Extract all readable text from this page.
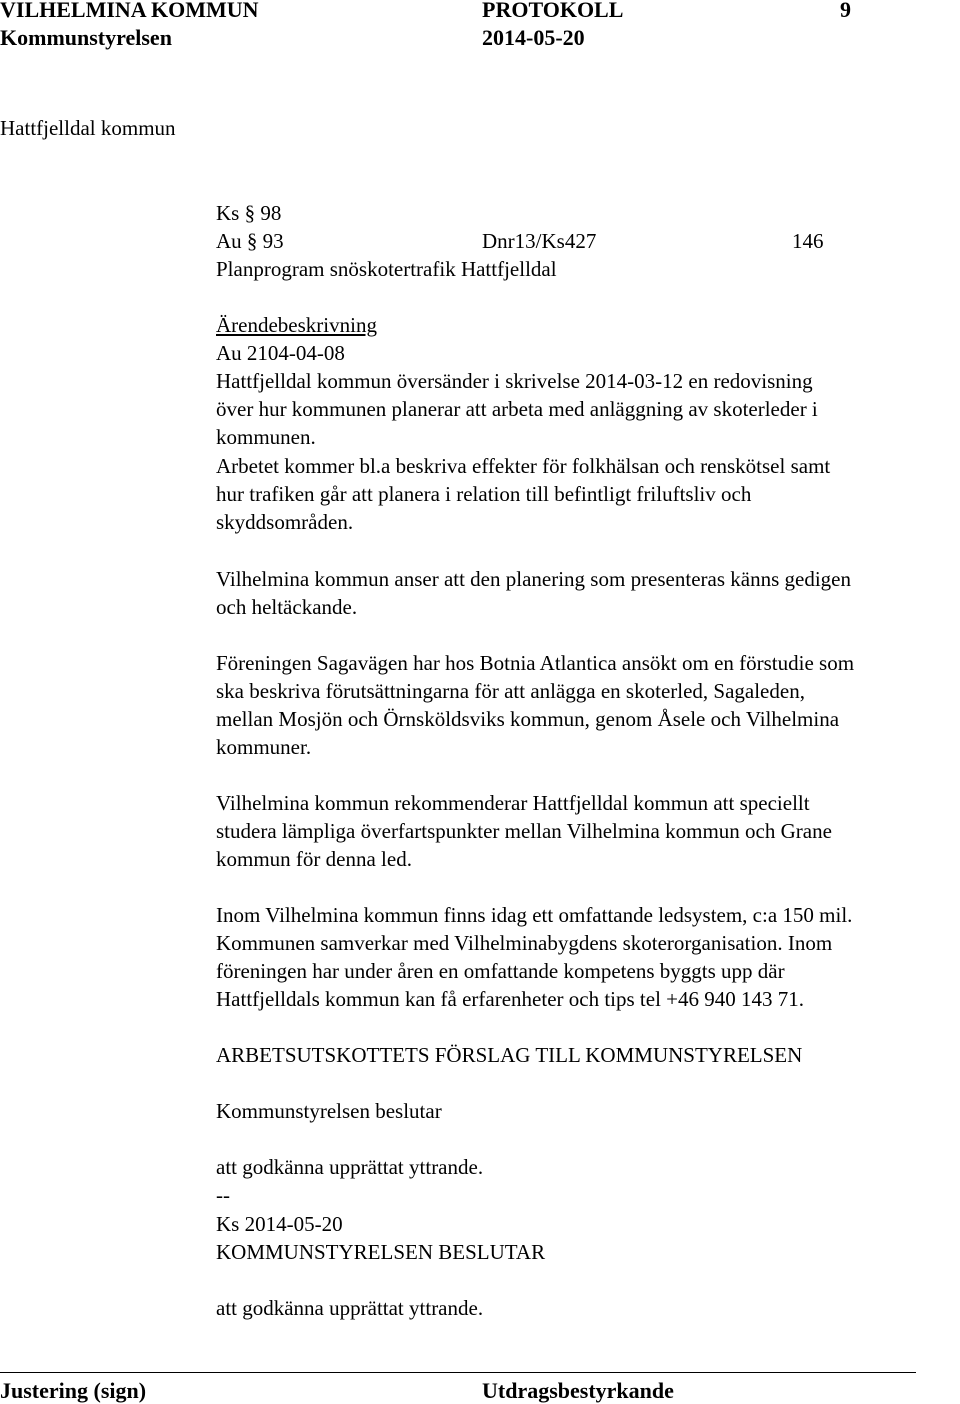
VILHELMINA KOMMUN	PROTOKOLL	9
Kommunstyrelsen	2014-05-20
Hattfjelldal kommun
Ks § 98
Au § 93	Dnr13/Ks427	146
Planprogram snöskotertrafik Hattfjelldal
Ärendebeskrivning
Au 2104-04-08
Hattfjelldal kommun översänder i skrivelse 2014-03-12 en redovisning
över hur kommunen planerar att arbeta med anläggning av skoterleder i
kommunen.
Arbetet kommer bl.a beskriva effekter för folkhälsan och renskötsel samt
hur trafiken går att planera i relation till befintligt friluftsliv och
skyddsområden.
Vilhelmina kommun anser att den planering som presenteras känns gedigen
och heltäckande.
Föreningen Sagavägen har hos Botnia Atlantica ansökt om en förstudie som
ska beskriva förutsättningarna för att anlägga en skoterled, Sagaleden,
mellan Mosjön och Örnsköldsviks kommun, genom Åsele och Vilhelmina
kommuner.
Vilhelmina kommun rekommenderar Hattfjelldal kommun att speciellt
studera lämpliga överfartspunkter mellan Vilhelmina kommun och Grane
kommun för denna led.
Inom Vilhelmina kommun finns idag ett omfattande ledsystem, c:a 150 mil.
Kommunen samverkar med Vilhelminabygdens skoterorganisation. Inom
föreningen har under åren en omfattande kompetens byggts upp där
Hattfjelldals kommun kan få erfarenheter och tips tel +46 940 143 71.
ARBETSUTSKOTTETS FÖRSLAG TILL KOMMUNSTYRELSEN
Kommunstyrelsen beslutar
att godkänna upprättat yttrande.
--
Ks 2014-05-20
KOMMUNSTYRELSEN BESLUTAR
att godkänna upprättat yttrande.
Justering (sign)	Utdragsbestyrkande
